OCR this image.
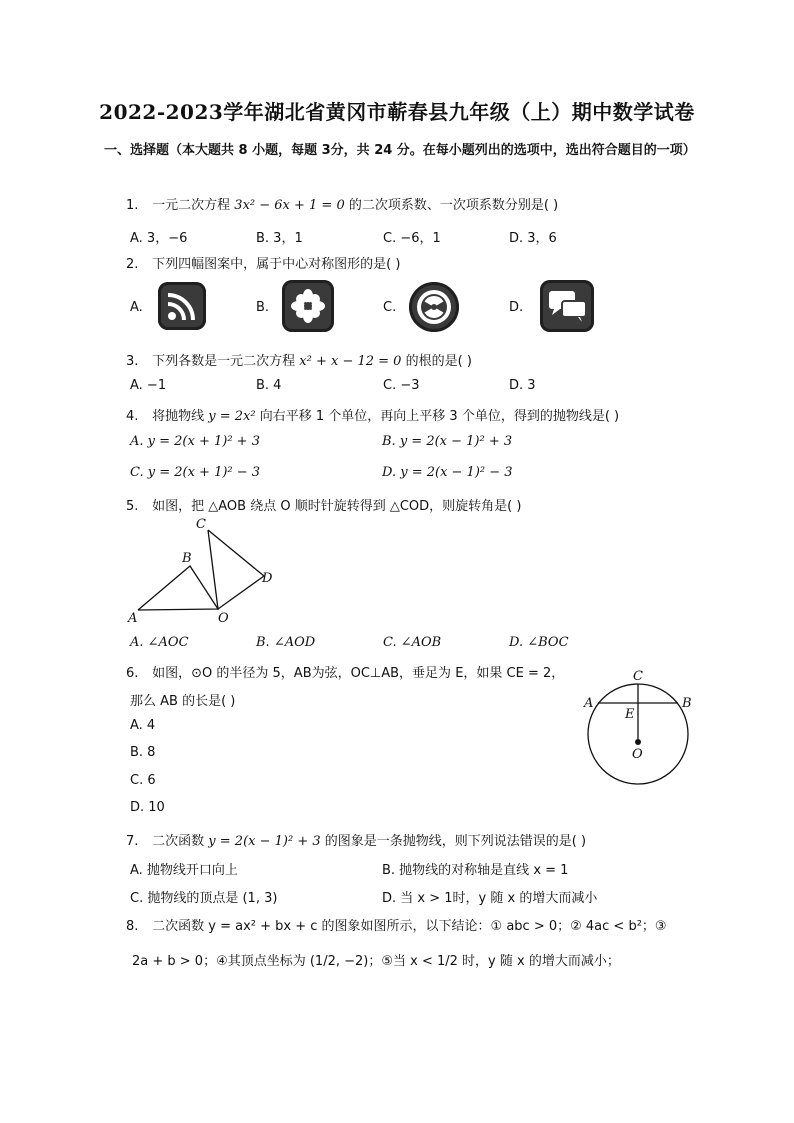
2022-2023学年湖北省黄冈市蕲春县九年级（上）期中数学试卷
一、选择题（本大题共 8 小题，每题 3分，共 24 分。在每小题列出的选项中，选出符合题目的一项）
1. 一元二次方程 3x² − 6x + 1 = 0 的二次项系数、一次项系数分别是( )
A. 3，−6	B. 3，1	C. −6，1	D. 3，6
2. 下列四幅图案中，属于中心对称图形的是( )
A.	B.	C.	D.
3. 下列各数是一元二次方程 x² + x − 12 = 0 的根的是( )
A. −1	B. 4	C. −3	D. 3
4. 将抛物线 y = 2x² 向右平移 1 个单位，再向上平移 3 个单位，得到的抛物线是( )
A. y = 2(x + 1)² + 3	B. y = 2(x − 1)² + 3
C. y = 2(x + 1)² − 3	D. y = 2(x − 1)² − 3
5. 如图，把 △AOB 绕点 O 顺时针旋转得到 △COD，则旋转角是( )
A
B
C
D
O
A. ∠AOC	B. ∠AOD	C. ∠AOB	D. ∠BOC
6. 如图，⊙O 的半径为 5，AB为弦，OC⊥AB，垂足为 E，如果 CE = 2，
那么 AB 的长是( )
A. 4
B. 8
C. 6
D. 10
A	B
C
E
O
7. 二次函数 y = 2(x − 1)² + 3 的图象是一条抛物线，则下列说法错误的是( )
A. 抛物线开口向上	B. 抛物线的对称轴是直线 x = 1
C. 抛物线的顶点是 (1, 3)	D. 当 x > 1时，y 随 x 的增大而减小
8. 二次函数 y = ax² + bx + c 的图象如图所示，以下结论：① abc > 0；② 4ac < b²；③
2a + b > 0；④其顶点坐标为 (1/2, −2)；⑤当 x < 1/2 时，y 随 x 的增大而减小；
